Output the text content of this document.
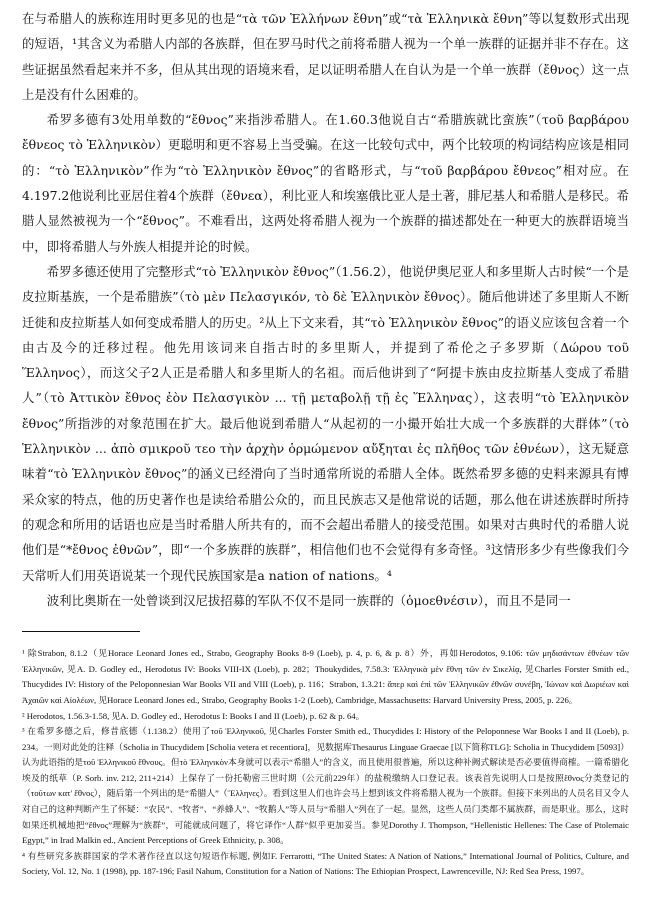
在与希腊人的族称连用时更多见的也是“τὰ τῶν Ἑλλήνων ἔθνη”或“τὰ Ἑλληνικὰ ἔθνη”等以复数形式出现的短语，¹其含义为希腊人内部的各族群，但在罗马时代之前将希腊人视为一个单一族群的证据并非不存在。这些证据虽然看起来并不多，但从其出现的语境来看，足以证明希腊人在自认为是一个单一族群（ἔθνος）这一点上是没有什么困难的。

希罗多德有3处用单数的“ἔθνος”来指涉希腊人。在1.60.3他说自古“希腊族就比蛮族”（τοῦ βαρβάρου ἔθνεος τὸ Ἑλληνικὸν）更聪明和更不容易上当受骗。在这一比较句式中，两个比较项的构词结构应该是相同的：“τὸ Ἑλληνικὸν”作为“τὸ Ἑλληνικὸν ἔθνος”的省略形式，与“τοῦ βαρβάρου ἔθνεος”相对应。在4.197.2他说利比亚居住着4个族群（ἔθνεα），利比亚人和埃塞俄比亚人是土著，腓尼基人和希腊人是移民。希腊人显然被视为一个“ἔθνος”。不难看出，这两处将希腊人视为一个族群的描述都处在一种更大的族群语境当中，即将希腊人与外族人相提并论的时候。

希罗多德还使用了完整形式“τὸ Ἑλληνικὸν ἔθνος”（1.56.2），他说伊奥尼亚人和多里斯人古时候“一个是皮拉斯基族，一个是希腊族”（τὸ μὲν Πελασγικόν, τὸ δὲ Ἑλληνικὸν ἔθνος）。随后他讲述了多里斯人不断迁徙和皮拉斯基人如何变成希腊人的历史。²从上下文来看，其“τὸ Ἑλληνικὸν ἔθνος”的语义应该包含着一个由古及今的迁移过程。他先用该词来自指古时的多里斯人，并提到了希伦之子多罗斯（Δώρου τοῦ Ἕλληνος），而这父子2人正是希腊人和多里斯人的名祖。而后他讲到了“阿提卡族由皮拉斯基人变成了希腊人”（τὸ Ἀττικὸν ἔθνος ἐὸν Πελασγικὸν ... τῇ μεταβολῇ τῇ ἐς Ἕλληνας），这表明“τὸ Ἑλληνικὸν ἔθνος”所指涉的对象范围在扩大。最后他说到希腊人“从起初的一小撮开始壮大成一个多族群的大群体”（τὸ Ἑλληνικὸν ... ἀπὸ σμικροῦ τεο τὴν ἀρχὴν ὁρμώμενον αὔξηται ἐς πλῆθος τῶν ἐθνέων），这无疑意味着“τὸ Ἑλληνικὸν ἔθνος”的涵义已经滑向了当时通常所说的希腊人全体。既然希罗多德的史料来源具有博采众家的特点，他的历史著作也是读给希腊公众的，而且民族志又是他常说的话题，那么他在讲述族群时所持的观念和所用的话语也应是当时希腊人所共有的，而不会超出希腊人的接受范围。如果对古典时代的希腊人说他们是“*ἔθνος ἐθνῶν”，即“一个多族群的族群”，相信他们也不会觉得有多奇怪。³这情形多少有些像我们今天常听人们用英语说某一个现代民族国家是a nation of nations。⁴

波利比奥斯在一处曾谈到汉尼拔招募的军队不仅不是同一族群的（ὁμοεθνέσιν），而且不是同一

¹ 除Strabon, 8.1.2（见Horace Leonard Jones ed., Strabo, Geography Books 8-9 (Loeb), p. 4, p. 6, & p. 8）外，再如Herodotos, 9.106: τῶν μηδισάντων ἐθνέων τῶν Ἑλληνικῶν, 见A. D. Godley ed., Herodotus IV: Books VIII-IX (Loeb), p. 282；Thoukydides, 7.58.3: Ἑλληνικὰ μὲν ἔθνη τῶν ἐν Σικελίᾳ, 见Charles Forster Smith ed., Thucydides IV: History of the Peloponnesian War Books VII and VIII (Loeb), p. 116；Strabon, 1.3.21: ἅπερ καὶ ἐπὶ τῶν Ἑλληνικῶν ἐθνῶν συνέβη, Ἰώνων καὶ Δωριέων καὶ Ἀχαιῶν καὶ Αἰολέων, 见Horace Leonard Jones ed., Strabo, Geography Books 1-2 (Loeb), Cambridge, Massachusetts: Harvard University Press, 2005, p. 226。

² Herodotos, 1.56.3-1.58, 见A. D. Godley ed., Herodotus I: Books I and II (Loeb), p. 62 & p. 64。

³ 在希罗多德之后，修昔底德（1.138.2）使用了τοῦ Ἑλληνικοῦ, 见Charles Forster Smith ed., Thucydides I: History of the Peloponnese War Books I and II (Loeb), p. 234。一则对此处的注释（Scholia in Thucydidem [Scholia vetera et recentiora]，见数据库Thesaurus Linguae Graecae [以下简称TLG]: Scholia in Thucydidem [5093]）认为此语指的是τοῦ Ἑλληνικοῦ ἔθνους。但τὸ Ἑλληνικὸν本身就可以表示“希腊人”的含义，而且使用很普遍，所以这种补阙式解读是否必要值得商榷。一篇希腊化埃及的纸草（P. Sorb. inv. 212, 211+214）上保存了一份托勒密三世时期（公元前229年）的盐税缴纳人口登记表。该表首先说明人口是按照ἔθνος分类登记的（τοῦτων κατ' ἔθνος），随后第一个列出的是“希腊人”（Ἕλληνες）。看到这里人们也许会马上想到该文件将希腊人视为一个族群。但接下来列出的人员名目又令人对自己的这种判断产生了怀疑：“农民”、“牧者”、“养蜂人”、“牧鹅人”等人员与“希腊人”列在了一起。显然，这些人员门类都不属族群，而是职业。那么，这时如果还机械地把“ἔθνος”理解为“族群”，可能就成问题了，将它译作“人群”似乎更加妥当。参见Dorothy J. Thompson, “Hellenistic Hellenes: The Case of Ptolemaic Egypt,” in Irad Malkin ed., Ancient Perceptions of Greek Ethnicity, p. 308。

⁴ 有些研究多族群国家的学术著作径直以这句短语作标题, 例如F. Ferrarotti, “The United States: A Nation of Nations,” International Journal of Politics, Culture, and Society, Vol. 12, No. 1 (1998), pp. 187-196; Fasil Nahum, Constitution for a Nation of Nations: The Ethiopian Prospect, Lawrenceville, NJ: Red Sea Press, 1997。
